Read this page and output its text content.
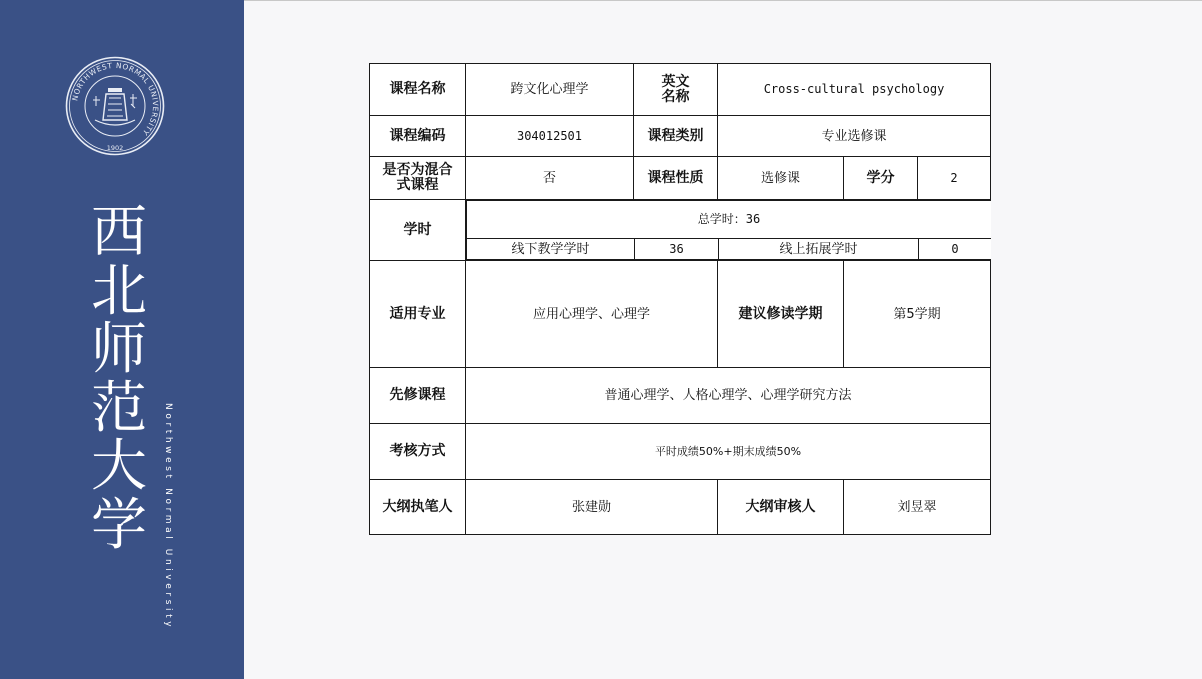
NORTHWEST NORMAL UNIVERSITY
1902
西
北
师
范
大
学	Northwest Normal University
课程名称	跨文化心理学	英文名称	Cross-cultural psychology
课程编码	304012501	课程类别	专业选修课
是否为混合式课程	否	课程性质	选修课	学分	2
学时	
总学时：36
线下教学学时	36	线上拓展学时	0

适用专业	应用心理学、心理学	建议修读学期	第5学期
先修课程	普通心理学、人格心理学、心理学研究方法
考核方式	平时成绩50%+期末成绩50%
大纲执笔人	张建勋	大纲审核人	刘昱翠
